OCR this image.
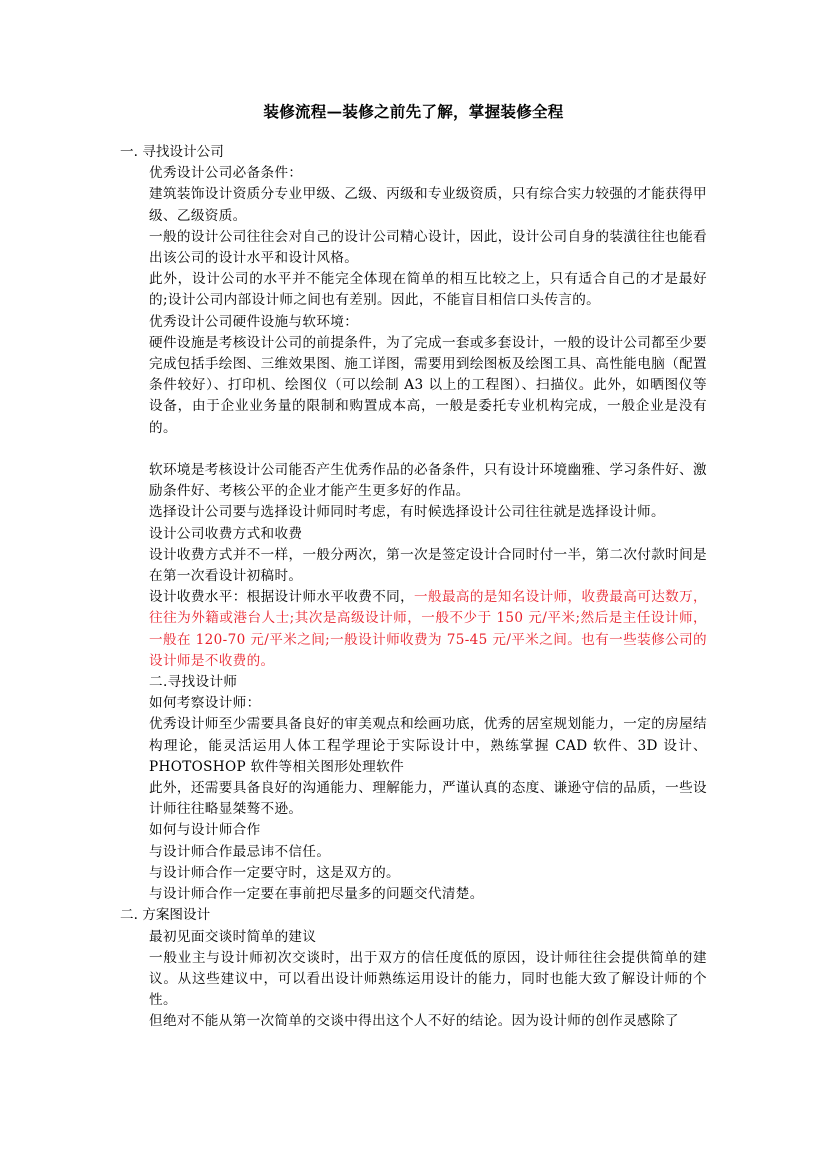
装修流程—装修之前先了解，掌握装修全程
一. 寻找设计公司
优秀设计公司必备条件：
建筑装饰设计资质分专业甲级、乙级、丙级和专业级资质，只有综合实力较强的才能获得甲级、乙级资质。
一般的设计公司往往会对自己的设计公司精心设计，因此，设计公司自身的装潢往往也能看出该公司的设计水平和设计风格。
此外，设计公司的水平并不能完全体现在简单的相互比较之上，只有适合自己的才是最好的;设计公司内部设计师之间也有差别。因此，不能盲目相信口头传言的。
优秀设计公司硬件设施与软环境：
硬件设施是考核设计公司的前提条件，为了完成一套或多套设计，一般的设计公司都至少要完成包括手绘图、三维效果图、施工详图，需要用到绘图板及绘图工具、高性能电脑（配置条件较好）、打印机、绘图仪（可以绘制 A3 以上的工程图）、扫描仪。此外，如晒图仪等设备，由于企业业务量的限制和购置成本高，一般是委托专业机构完成，一般企业是没有的。
软环境是考核设计公司能否产生优秀作品的必备条件，只有设计环境幽雅、学习条件好、激励条件好、考核公平的企业才能产生更多好的作品。
选择设计公司要与选择设计师同时考虑，有时候选择设计公司往往就是选择设计师。
设计公司收费方式和收费
设计收费方式并不一样，一般分两次，第一次是签定设计合同时付一半，第二次付款时间是在第一次看设计初稿时。
设计收费水平：根据设计师水平收费不同，一般最高的是知名设计师，收费最高可达数万，往往为外籍或港台人士;其次是高级设计师，一般不少于 150 元/平米;然后是主任设计师，一般在 120-70 元/平米之间;一般设计师收费为 75-45 元/平米之间。也有一些装修公司的设计师是不收费的。
二.寻找设计师
如何考察设计师：
优秀设计师至少需要具备良好的审美观点和绘画功底，优秀的居室规划能力，一定的房屋结构理论，能灵活运用人体工程学理论于实际设计中，熟练掌握 CAD 软件、3D 设计、PHOTOSHOP 软件等相关图形处理软件
此外，还需要具备良好的沟通能力、理解能力，严谨认真的态度、谦逊守信的品质，一些设计师往往略显桀骜不逊。
如何与设计师合作
与设计师合作最忌讳不信任。
与设计师合作一定要守时，这是双方的。
与设计师合作一定要在事前把尽量多的问题交代清楚。
二. 方案图设计
最初见面交谈时简单的建议
一般业主与设计师初次交谈时，出于双方的信任度低的原因，设计师往往会提供简单的建议。从这些建议中，可以看出设计师熟练运用设计的能力，同时也能大致了解设计师的个性。
但绝对不能从第一次简单的交谈中得出这个人不好的结论。因为设计师的创作灵感除了
